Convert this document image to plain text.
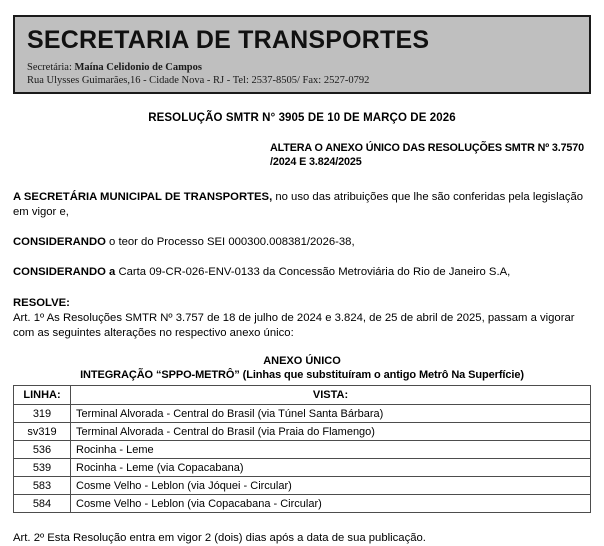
SECRETARIA DE TRANSPORTES
Secretária: Maína Celidonio de Campos
Rua Ulysses Guimarães,16 - Cidade Nova - RJ - Tel: 2537-8505/ Fax: 2527-0792
RESOLUÇÃO SMTR N° 3905 DE 10 DE MARÇO DE 2026
ALTERA O ANEXO ÚNICO DAS RESOLUÇÕES SMTR Nº 3.7570
/2024 E 3.824/2025
A SECRETÁRIA MUNICIPAL DE TRANSPORTES, no uso das atribuições que lhe são conferidas pela legislação em vigor e,
CONSIDERANDO o teor do Processo SEI 000300.008381/2026-38,
CONSIDERANDO a Carta 09-CR-026-ENV-0133 da Concessão Metroviária do Rio de Janeiro S.A,
RESOLVE:
Art. 1º As Resoluções SMTR Nº 3.757 de 18 de julho de 2024 e 3.824, de 25 de abril de 2025, passam a vigorar com as seguintes alterações no respectivo anexo único:
ANEXO ÚNICO
INTEGRAÇÃO “SPPO-METRÔ” (Linhas que substituíram o antigo Metrô Na Superfície)
LINHA:	VISTA:
319	Terminal Alvorada - Central do Brasil (via Túnel Santa Bárbara)
sv319	Terminal Alvorada - Central do Brasil (via Praia do Flamengo)
536	Rocinha - Leme
539	Rocinha - Leme (via Copacabana)
583	Cosme Velho - Leblon (via Jóquei - Circular)
584	Cosme Velho - Leblon (via Copacabana - Circular)
Art. 2º Esta Resolução entra em vigor 2 (dois) dias após a data de sua publicação.
